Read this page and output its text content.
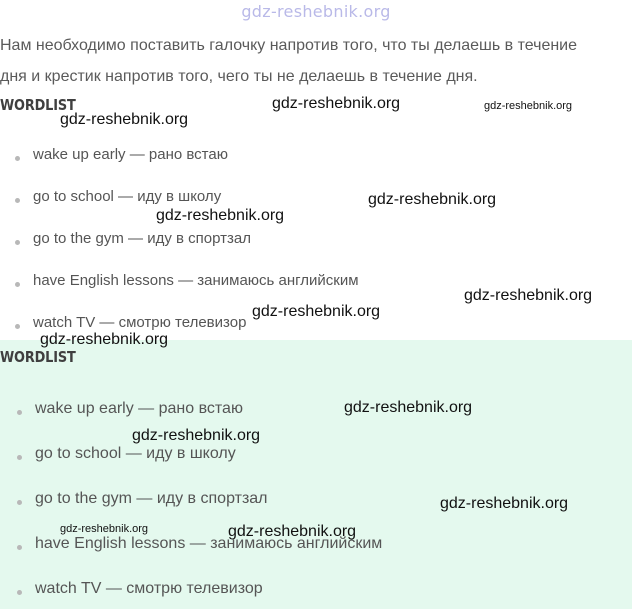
gdz-reshebnik.org

Нам необходимо поставить галочку напротив того, что ты делаешь в течение

дня и крестик напротив того, чего ты не делаешь в течение дня.

WORDLIST
wake up early — рано встаю
go to school — иду в школу
go to the gym — иду в спортзал
have English lessons — занимаюсь английским
watch TV — смотрю телевизор
WORDLIST
wake up early — рано встаю
go to school — иду в школу
go to the gym — иду в спортзал
have English lessons — занимаюсь английским
watch TV — смотрю телевизор
gdz-reshebnik.org	gdz-reshebnik.org
gdz-reshebnik.org
gdz-reshebnik.org
gdz-reshebnik.org
gdz-reshebnik.org
gdz-reshebnik.org
gdz-reshebnik.org
gdz-reshebnik.org
gdz-reshebnik.org
gdz-reshebnik.org
gdz-reshebnik.org	gdz-reshebnik.org
